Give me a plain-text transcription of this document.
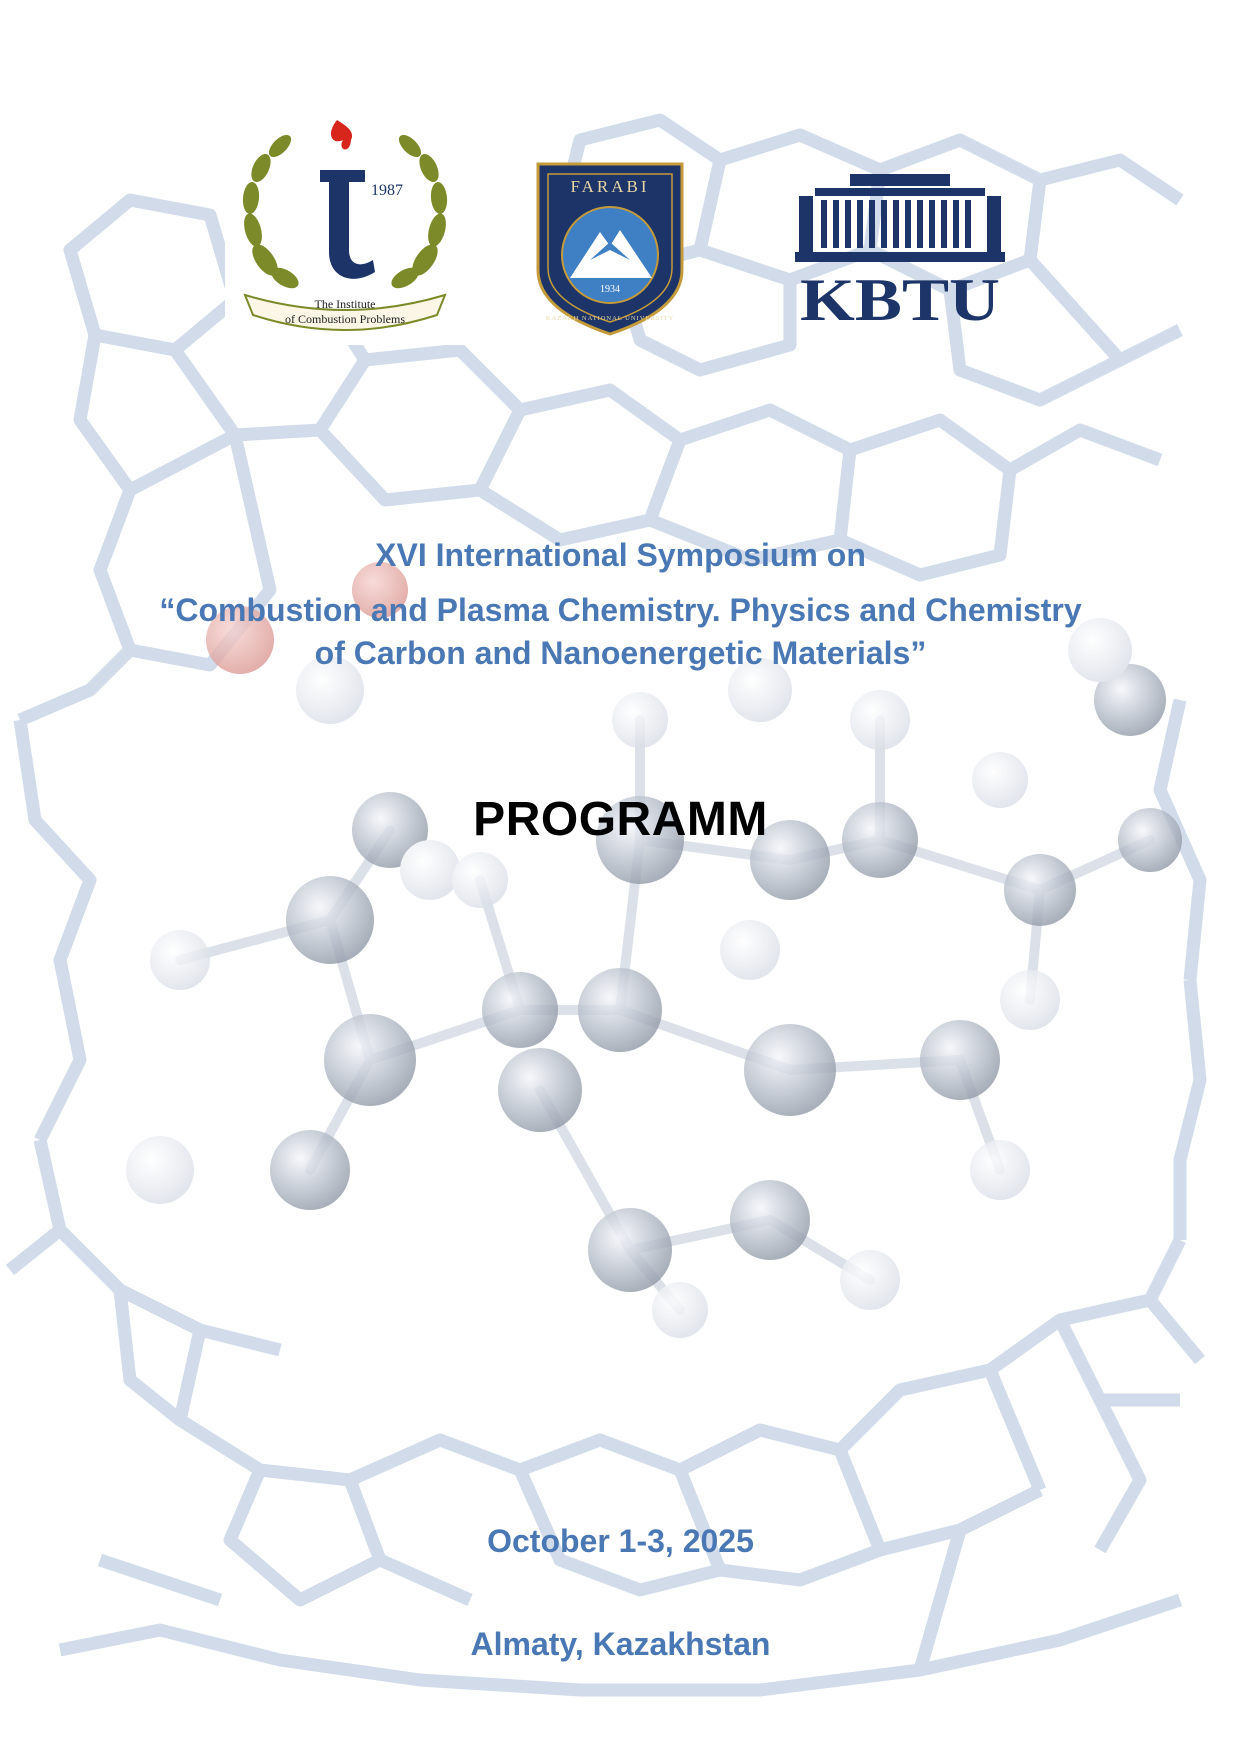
1987
The Institute
of Combustion Problems
FARABI
1934
KAZAKH NATIONAL UNIVERSITY KBTU
XVI International Symposium on
“Combustion and Plasma Chemistry. Physics and Chemistry
of Carbon and Nanoenergetic Materials”
PROGRAMM
October 1-3, 2025
Almaty, Kazakhstan
